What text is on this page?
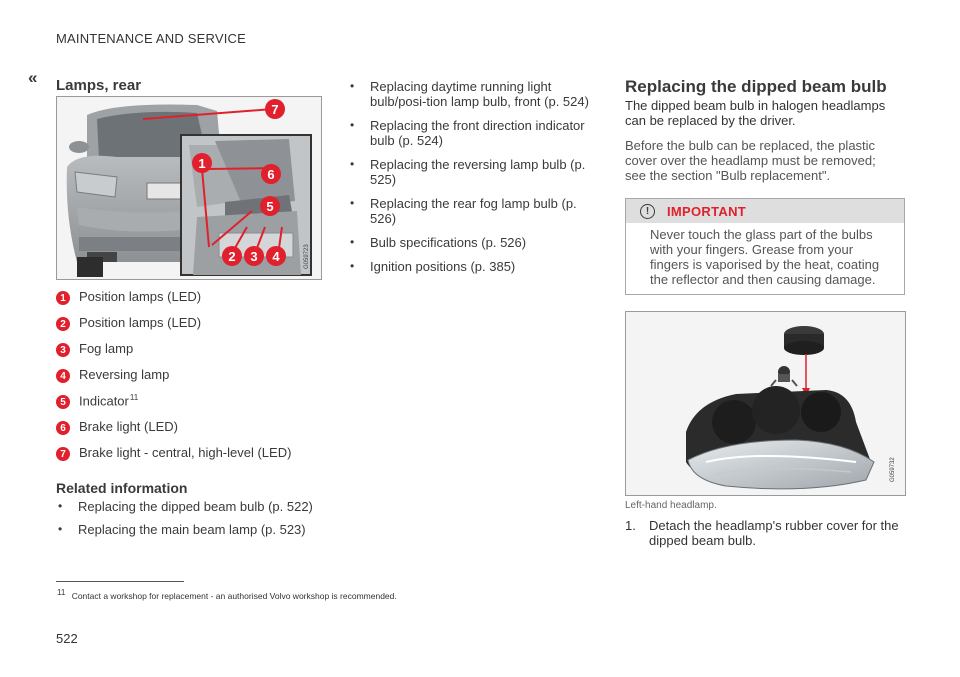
MAINTENANCE AND SERVICE
« Lamps, rear
7
1
6
5
2 3 4	G059723
1	Position lamps (LED)
2	Position lamps (LED)
3	Fog lamp
4	Reversing lamp
5	Indicator$^{11}$
6	Brake light (LED)
7	Brake light - central, high-level (LED)
Related information
• Replacing the dipped beam bulb (p. 522)
• Replacing the main beam lamp (p. 523)
• Replacing daytime running light bulb/posi-tion lamp bulb, front (p. 524)
• Replacing the front direction indicator bulb (p. 524)
• Replacing the reversing lamp bulb (p. 525)
• Replacing the rear fog lamp bulb (p. 526)
• Bulb specifications (p. 526)
• Ignition positions (p. 385)
Replacing the dipped beam bulb
The dipped beam bulb in halogen headlamps can be replaced by the driver.
Before the bulb can be replaced, the plastic cover over the headlamp must be removed; see the section "Bulb replacement".
!	IMPORTANT
Never touch the glass part of the bulbs with your fingers. Grease from your fingers is vaporised by the heat, coating the reflector and then causing damage.
G059732
Left-hand headlamp.
1.	Detach the headlamp's rubber cover for the dipped beam bulb.
11 Contact a workshop for replacement - an authorised Volvo workshop is recommended.
522
